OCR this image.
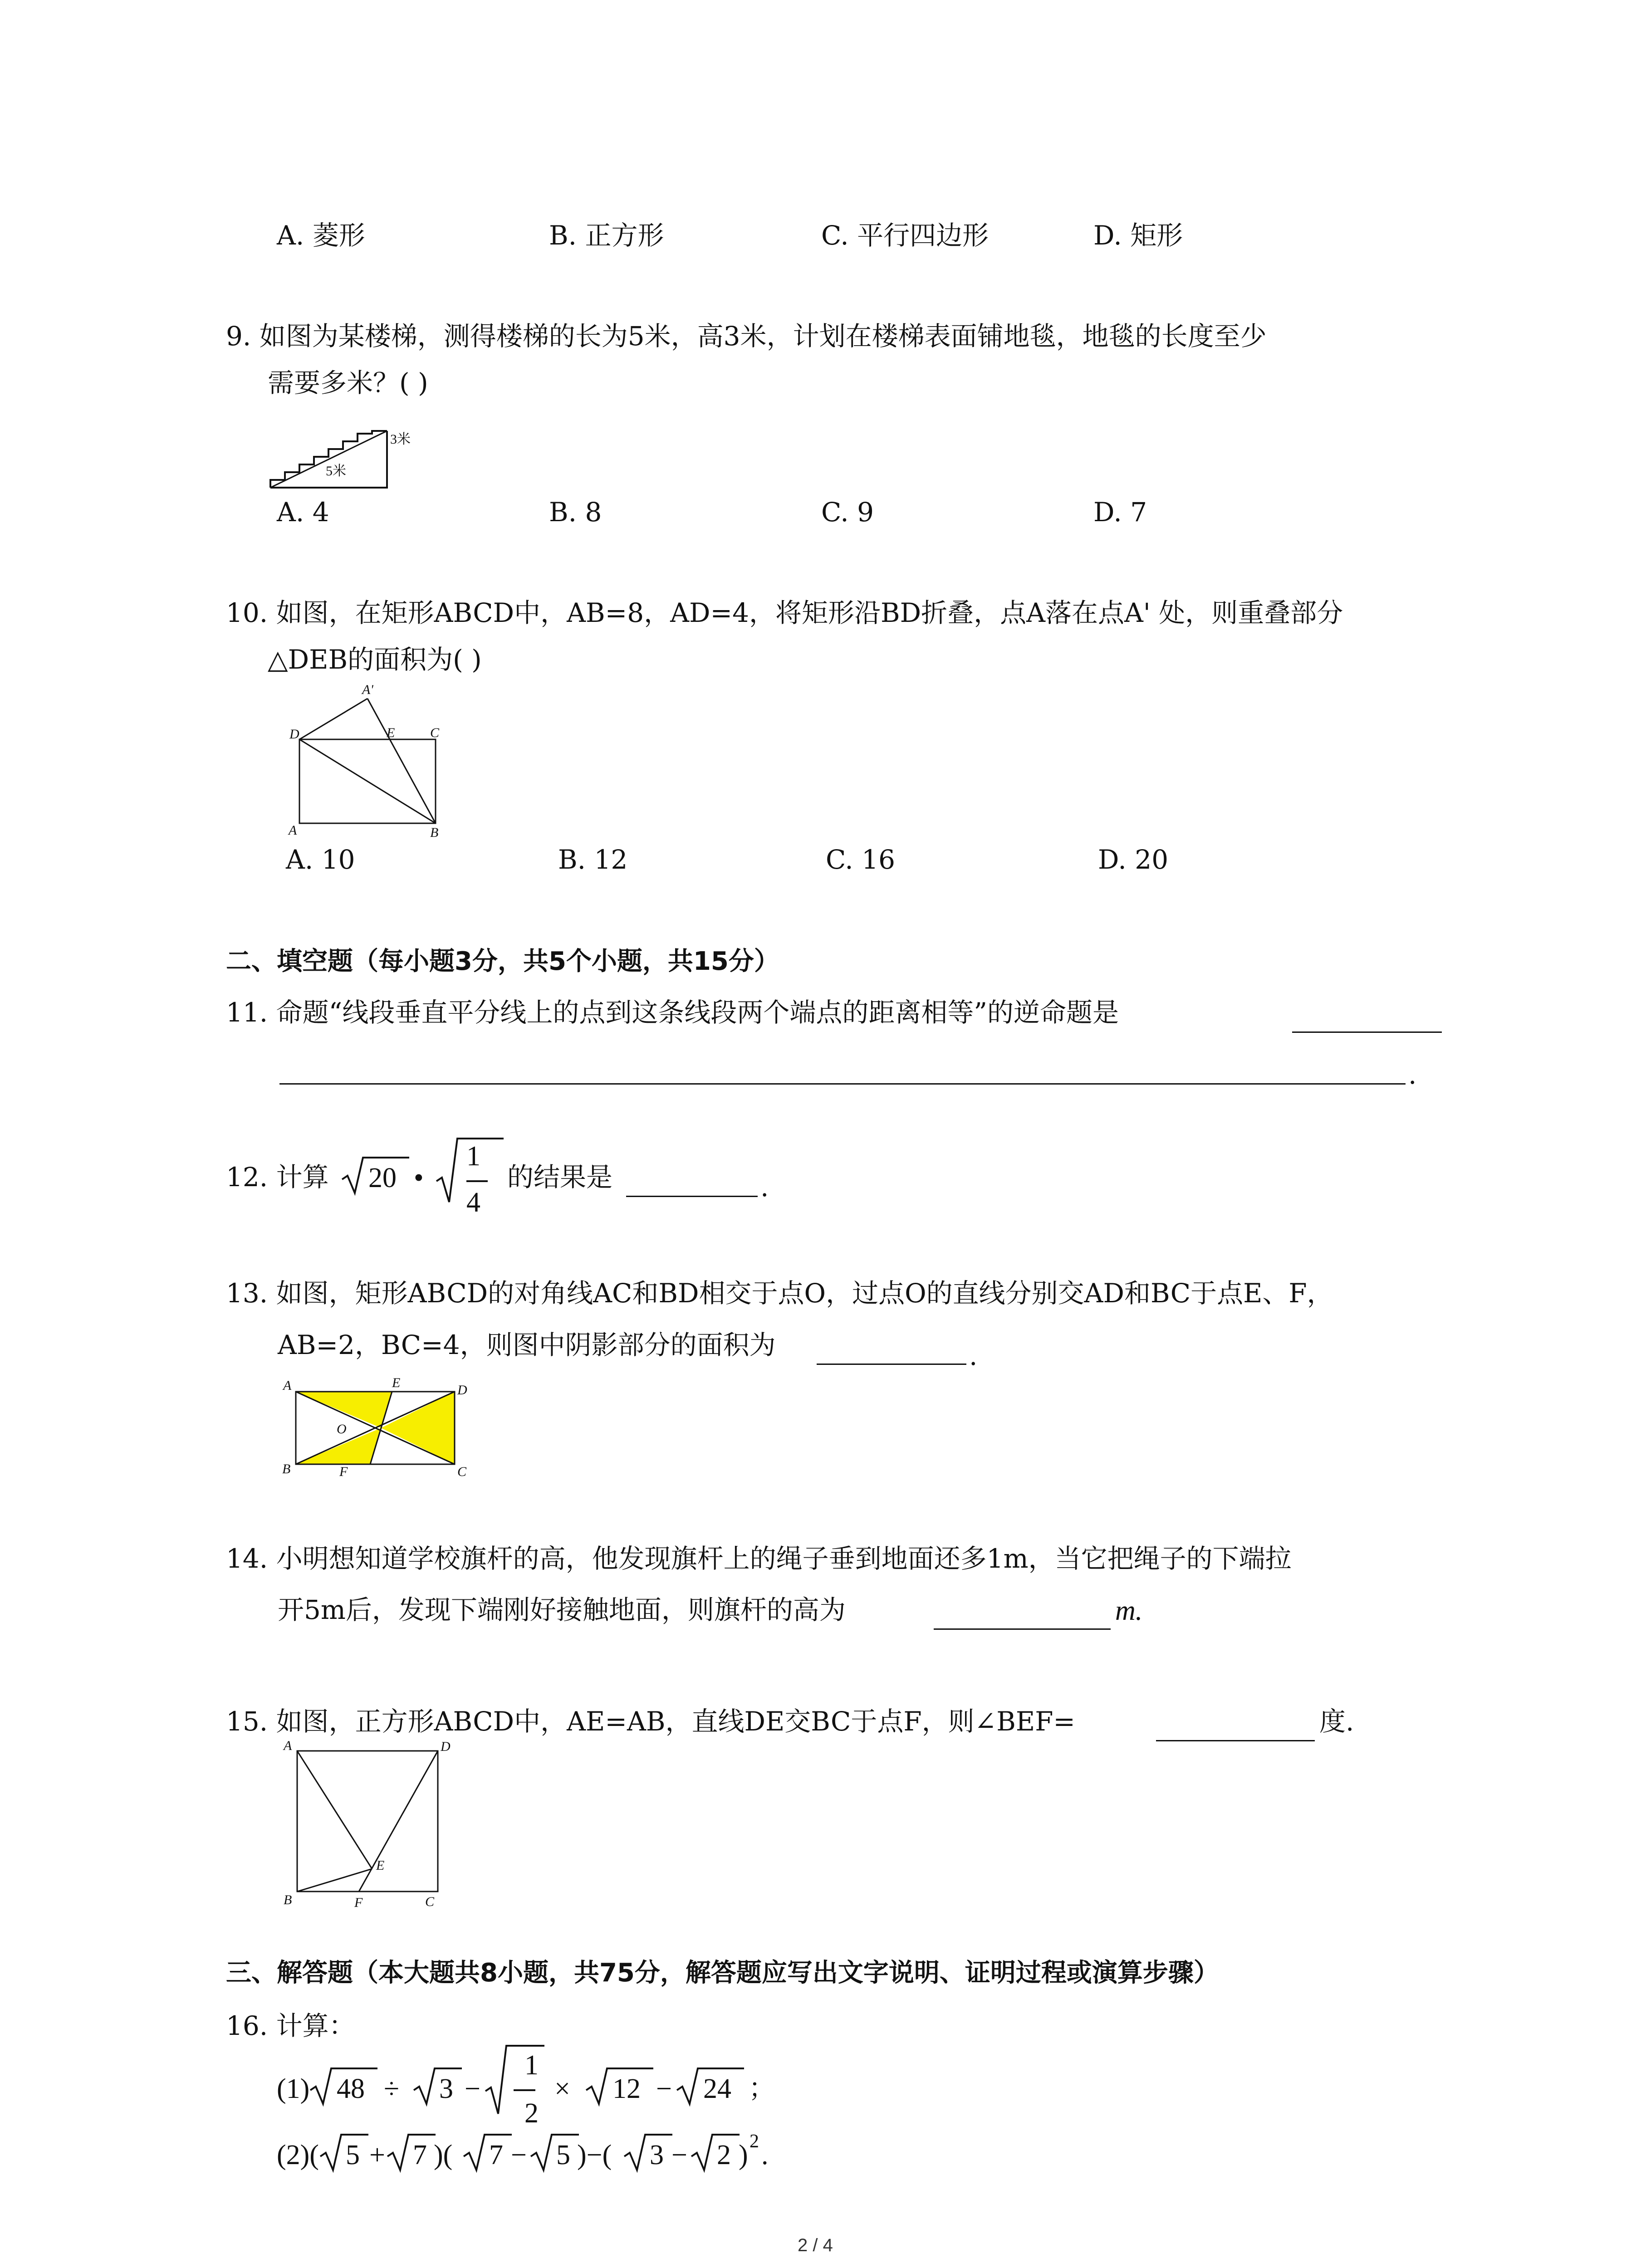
A. 菱形	B. 正方形	C. 平行四边形	D. 矩形
9. 如图为某楼梯，测得楼梯的长为5米，高3米，计划在楼梯表面铺地毯，地毯的长度至少
需要多米？( )
5米
3米
A. 4	B. 8	C. 9	D. 7
10. 如图，在矩形ABCD中，AB=8，AD=4，将矩形沿BD折叠，点A落在点A' 处，则重叠部分
△DEB的面积为( )
D
A'
E	C
A	B
A. 10	B. 12	C. 16	D. 20
二、填空题（每小题3分，共5个小题，共15分）
11. 命题“线段垂直平分线上的点到这条线段两个端点的距离相等”的逆命题是
.
12. 计算 20 •
1
4
的结果是	.
13. 如图，矩形ABCD的对角线AC和BD相交于点O，过点O的直线分别交AD和BC于点E、F，
AB=2，BC=4，则图中阴影部分的面积为	.
A	E	D
O
B	F	C
14. 小明想知道学校旗杆的高，他发现旗杆上的绳子垂到地面还多1m，当它把绳子的下端拉
开5m后，发现下端刚好接触地面，则旗杆的高为	m.
15. 如图，正方形ABCD中，AE=AB，直线DE交BC于点F，则∠BEF=	度.
A	D
E
B	F	C
三、解答题（本大题共8小题，共75分，解答题应写出文字说明、证明过程或演算步骤）
16. 计算：
(1) 48 ÷ 3 −
1
2
× 12 − 24 ；
(2)( 5 + 7 )( 7 − 5 )−( 3 − 2 ) 2 .
2 / 4
